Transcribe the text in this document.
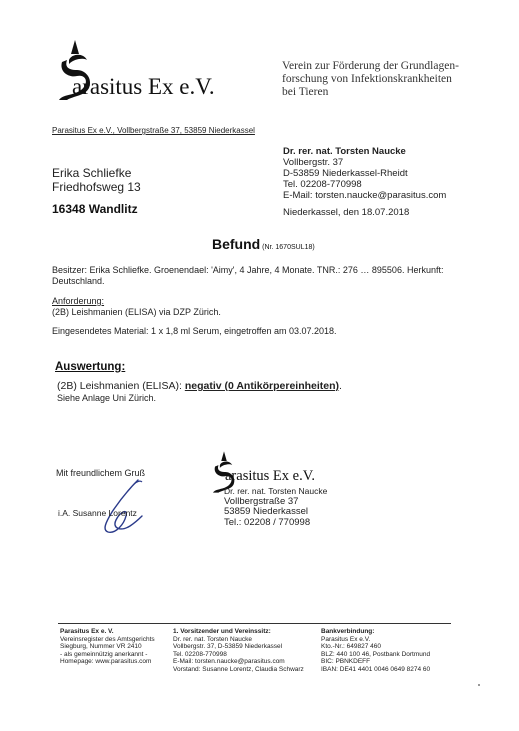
arasitus Ex e.V.
Verein zur Förderung der Grundlagen-
forschung von Infektionskrankheiten
bei Tieren
Parasitus Ex e.V., Vollbergstraße 37, 53859 Niederkassel
Erika Schliefke
Friedhofsweg 13
16348 Wandlitz
Dr. rer. nat. Torsten Naucke
Vollbergstr. 37
D-53859 Niederkassel-Rheidt
Tel. 02208-770998
E-Mail: torsten.naucke@parasitus.com
Niederkassel, den 18.07.2018
Befund (Nr. 1670SUL18)
Besitzer: Erika Schliefke. Groenendael: 'Aimy', 4 Jahre, 4 Monate. TNR.: 276 … 895506. Herkunft:
Deutschland.
Anforderung:
(2B) Leishmanien (ELISA) via DZP Zürich.
Eingesendetes Material: 1 x 1,8 ml Serum, eingetroffen am 03.07.2018.
Auswertung:
(2B) Leishmanien (ELISA): negativ (0 Antikörpereinheiten).
Siehe Anlage Uni Zürich.
Mit freundlichem Gruß
i.A. Susanne Lorentz
arasitus Ex e.V.
Dr. rer. nat. Torsten Naucke
Vollbergstraße 37
53859 Niederkassel
Tel.: 02208 / 770998
Parasitus Ex e. V.
Vereinsregister des Amtsgerichts
Siegburg, Nummer VR 2410
- als gemeinnützig anerkannt -
Homepage: www.parasitus.com
1. Vorsitzender und Vereinssitz:
Dr. rer. nat. Torsten Naucke
Vollbergstr. 37, D-53859 Niederkassel
Tel. 02208-770998
E-Mail: torsten.naucke@parasitus.com
Vorstand: Susanne Lorentz, Claudia Schwarz
Bankverbindung:
Parasitus Ex e.V.
Kto.-Nr.: 649827 460
BLZ: 440 100 46, Postbank Dortmund
BIC: PBNKDEFF
IBAN: DE41 4401 0046 0649 8274 60
